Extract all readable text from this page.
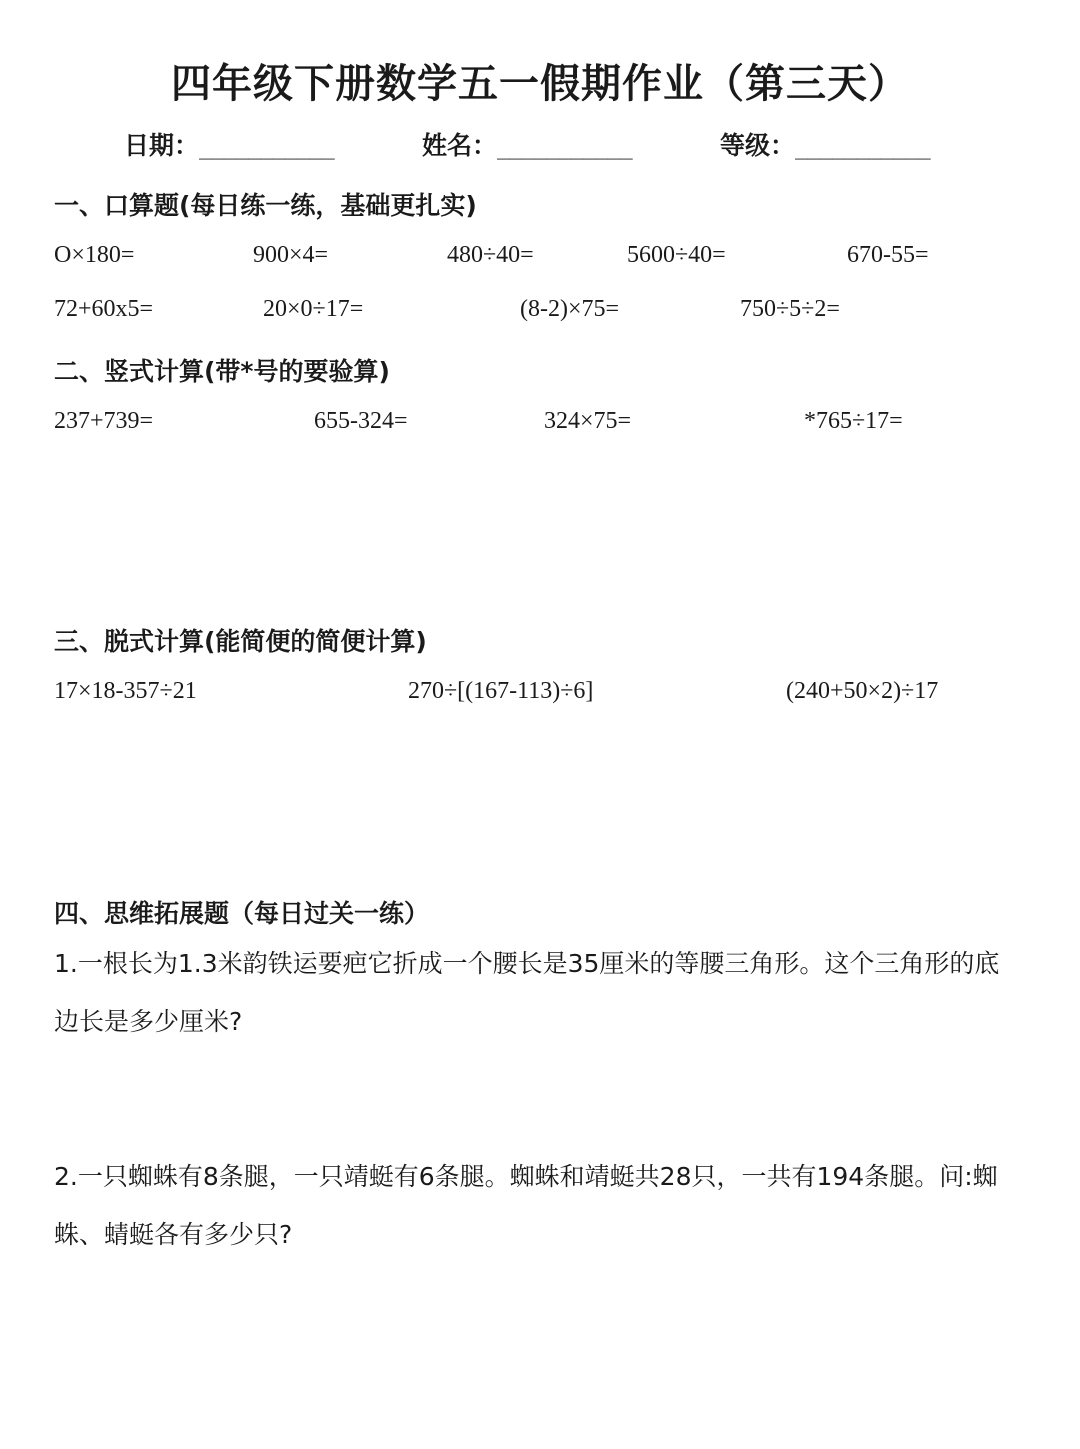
四年级下册数学五一假期作业（第三天）
日期：___________	姓名：___________	等级：___________
一、口算题(每日练一练，基础更扎实)
O×180=	900×4=	480÷40=	5600÷40=	670-55=
72+60x5=	20×0÷17=	(8-2)×75=	750÷5÷2=
二、竖式计算(带*号的要验算)
237+739=	655-324=	324×75=	*765÷17=
三、脱式计算(能简便的简便计算)
17×18-357÷21	270÷[(167-113)÷6]	(240+50×2)÷17
四、思维拓展题（每日过关一练）
1.一根长为1.3米韵铁运要疤它折成一个腰长是35厘米的等腰三角形。这个三角形的底边长是多少厘米?
2.一只蜘蛛有8条腿，一只靖蜓有6条腿。蜘蛛和靖蜓共28只，一共有194条腿。问:蜘蛛、蜻蜓各有多少只?
